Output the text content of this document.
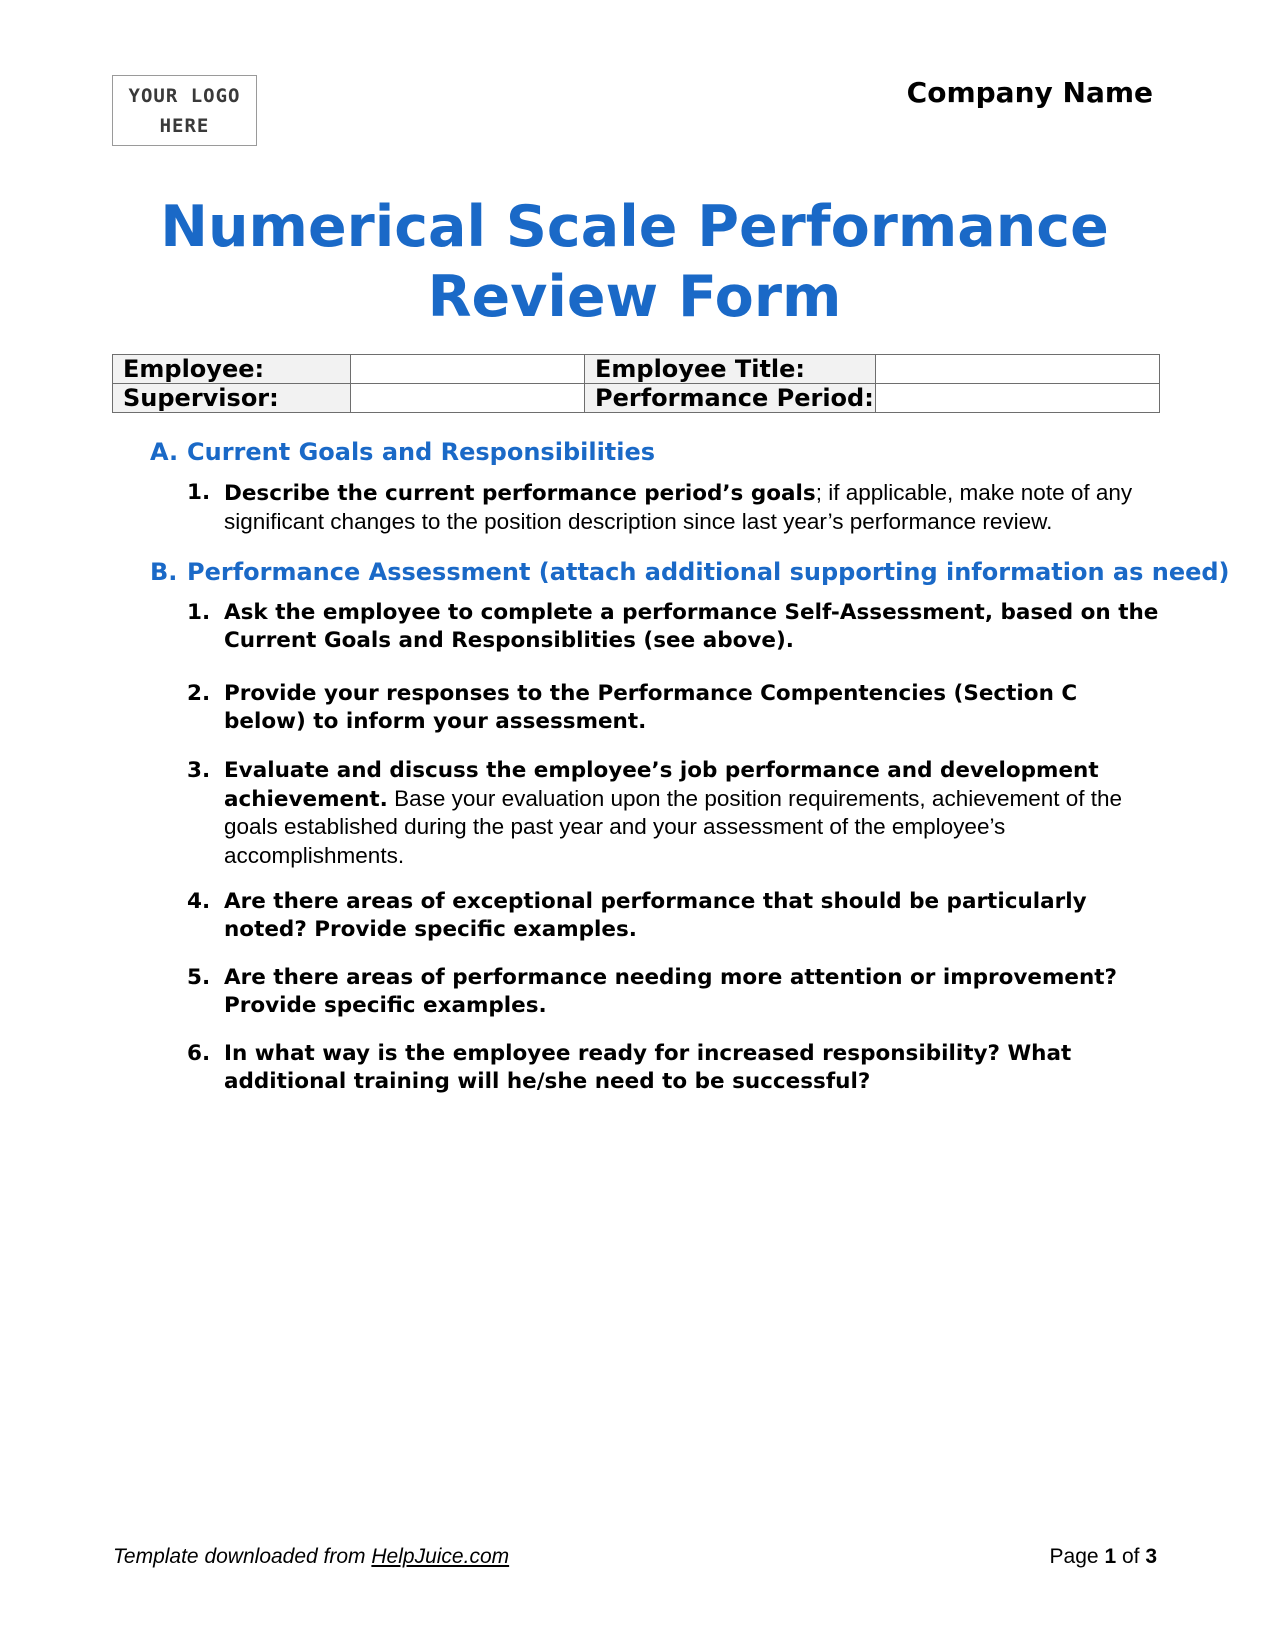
YOUR LOGO
HERE
Company Name
Numerical Scale Performance
Review Form
Employee:		Employee Title:	
Supervisor:		Performance Period:	
A. Current Goals and Responsibilities
1. Describe the current performance period’s goals; if applicable, make note of any significant changes to the position description since last year’s performance review.
B. Performance Assessment (attach additional supporting information as need)
1. Ask the employee to complete a performance Self-Assessment, based on the Current Goals and Responsiblities (see above).
2. Provide your responses to the Performance Compentencies (Section C below) to inform your assessment.
3. Evaluate and discuss the employee’s job performance and development achievement. Base your evaluation upon the position requirements, achievement of the goals established during the past year and your assessment of the employee’s accomplishments.
4. Are there areas of exceptional performance that should be particularly noted? Provide specific examples.
5. Are there areas of performance needing more attention or improvement? Provide specific examples.
6. In what way is the employee ready for increased responsibility? What additional training will he/she need to be successful?
Template downloaded from HelpJuice.com	Page 1 of 3
